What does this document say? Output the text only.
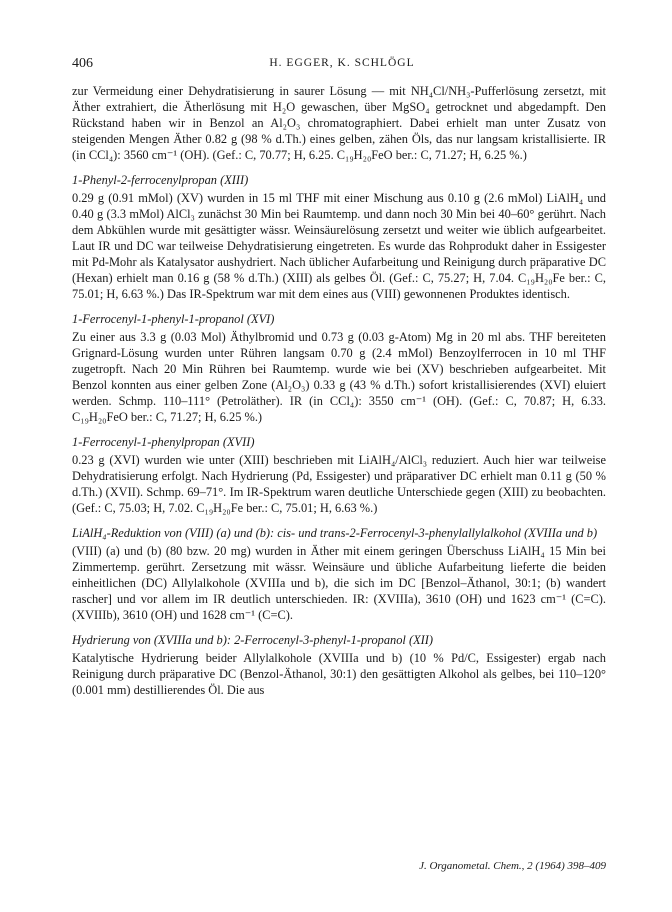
406	H. EGGER, K. SCHLÖGL

zur Vermeidung einer Dehydratisierung in saurer Lösung — mit NH₄Cl/NH₃-Pufferlösung zersetzt, mit Äther extrahiert, die Ätherlösung mit H₂O gewaschen, über MgSO₄ getrocknet und abgedampft. Den Rückstand haben wir in Benzol an Al₂O₃ chromatographiert. Dabei erhielt man unter Zusatz von steigenden Mengen Äther 0.82 g (98 % d.Th.) eines gelben, zähen Öls, das nur langsam kristallisierte. IR (in CCl₄): 3560 cm⁻¹ (OH). (Gef.: C, 70.77; H, 6.25. C₁₉H₂₀FeO ber.: C, 71.27; H, 6.25 %.)

1-Phenyl-2-ferrocenylpropan (XIII)

0.29 g (0.91 mMol) (XV) wurden in 15 ml THF mit einer Mischung aus 0.10 g (2.6 mMol) LiAlH₄ und 0.40 g (3.3 mMol) AlCl₃ zunächst 30 Min bei Raumtemp. und dann noch 30 Min bei 40–60° gerührt. Nach dem Abkühlen wurde mit gesättigter wässr. Weinsäurelösung zersetzt und weiter wie üblich aufgearbeitet. Laut IR und DC war teilweise Dehydratisierung eingetreten. Es wurde das Rohprodukt daher in Essigester mit Pd-Mohr als Katalysator aushydriert. Nach üblicher Aufarbeitung und Reinigung durch präparative DC (Hexan) erhielt man 0.16 g (58 % d.Th.) (XIII) als gelbes Öl. (Gef.: C, 75.27; H, 7.04. C₁₉H₂₀Fe ber.: C, 75.01; H, 6.63 %.) Das IR-Spektrum war mit dem eines aus (VIII) gewonnenen Produktes identisch.

1-Ferrocenyl-1-phenyl-1-propanol (XVI)

Zu einer aus 3.3 g (0.03 Mol) Äthylbromid und 0.73 g (0.03 g-Atom) Mg in 20 ml abs. THF bereiteten Grignard-Lösung wurden unter Rühren langsam 0.70 g (2.4 mMol) Benzoylferrocen in 10 ml THF zugetropft. Nach 20 Min Rühren bei Raumtemp. wurde wie bei (XV) beschrieben aufgearbeitet. Mit Benzol konnten aus einer gelben Zone (Al₂O₃) 0.33 g (43 % d.Th.) sofort kristallisierendes (XVI) eluiert werden. Schmp. 110–111° (Petroläther). IR (in CCl₄): 3550 cm⁻¹ (OH). (Gef.: C, 70.87; H, 6.33. C₁₉H₂₀FeO ber.: C, 71.27; H, 6.25 %.)

1-Ferrocenyl-1-phenylpropan (XVII)

0.23 g (XVI) wurden wie unter (XIII) beschrieben mit LiAlH₄/AlCl₃ reduziert. Auch hier war teilweise Dehydratisierung erfolgt. Nach Hydrierung (Pd, Essigester) und präparativer DC erhielt man 0.11 g (50 % d.Th.) (XVII). Schmp. 69–71°. Im IR-Spektrum waren deutliche Unterschiede gegen (XIII) zu beobachten. (Gef.: C, 75.03; H, 7.02. C₁₉H₂₀Fe ber.: C, 75.01; H, 6.63 %.)

LiAlH₄-Reduktion von (VIII) (a) und (b): cis- und trans-2-Ferrocenyl-3-phenylallylalkohol (XVIIIa und b)

(VIII) (a) und (b) (80 bzw. 20 mg) wurden in Äther mit einem geringen Überschuss LiAlH₄ 15 Min bei Zimmertemp. gerührt. Zersetzung mit wässr. Weinsäure und übliche Aufarbeitung lieferte die beiden einheitlichen (DC) Allylalkohole (XVIIIa und b), die sich im DC [Benzol–Äthanol, 30:1; (b) wandert rascher] und vor allem im IR deutlich unterschieden. IR: (XVIIIa), 3610 (OH) und 1623 cm⁻¹ (C=C). (XVIIIb), 3610 (OH) und 1628 cm⁻¹ (C=C).

Hydrierung von (XVIIIa und b): 2-Ferrocenyl-3-phenyl-1-propanol (XII)

Katalytische Hydrierung beider Allylalkohole (XVIIIa und b) (10 % Pd/C, Essigester) ergab nach Reinigung durch präparative DC (Benzol-Äthanol, 30:1) den gesättigten Alkohol als gelbes, bei 110–120° (0.001 mm) destillierendes Öl. Die aus

J. Organometal. Chem., 2 (1964) 398–409
